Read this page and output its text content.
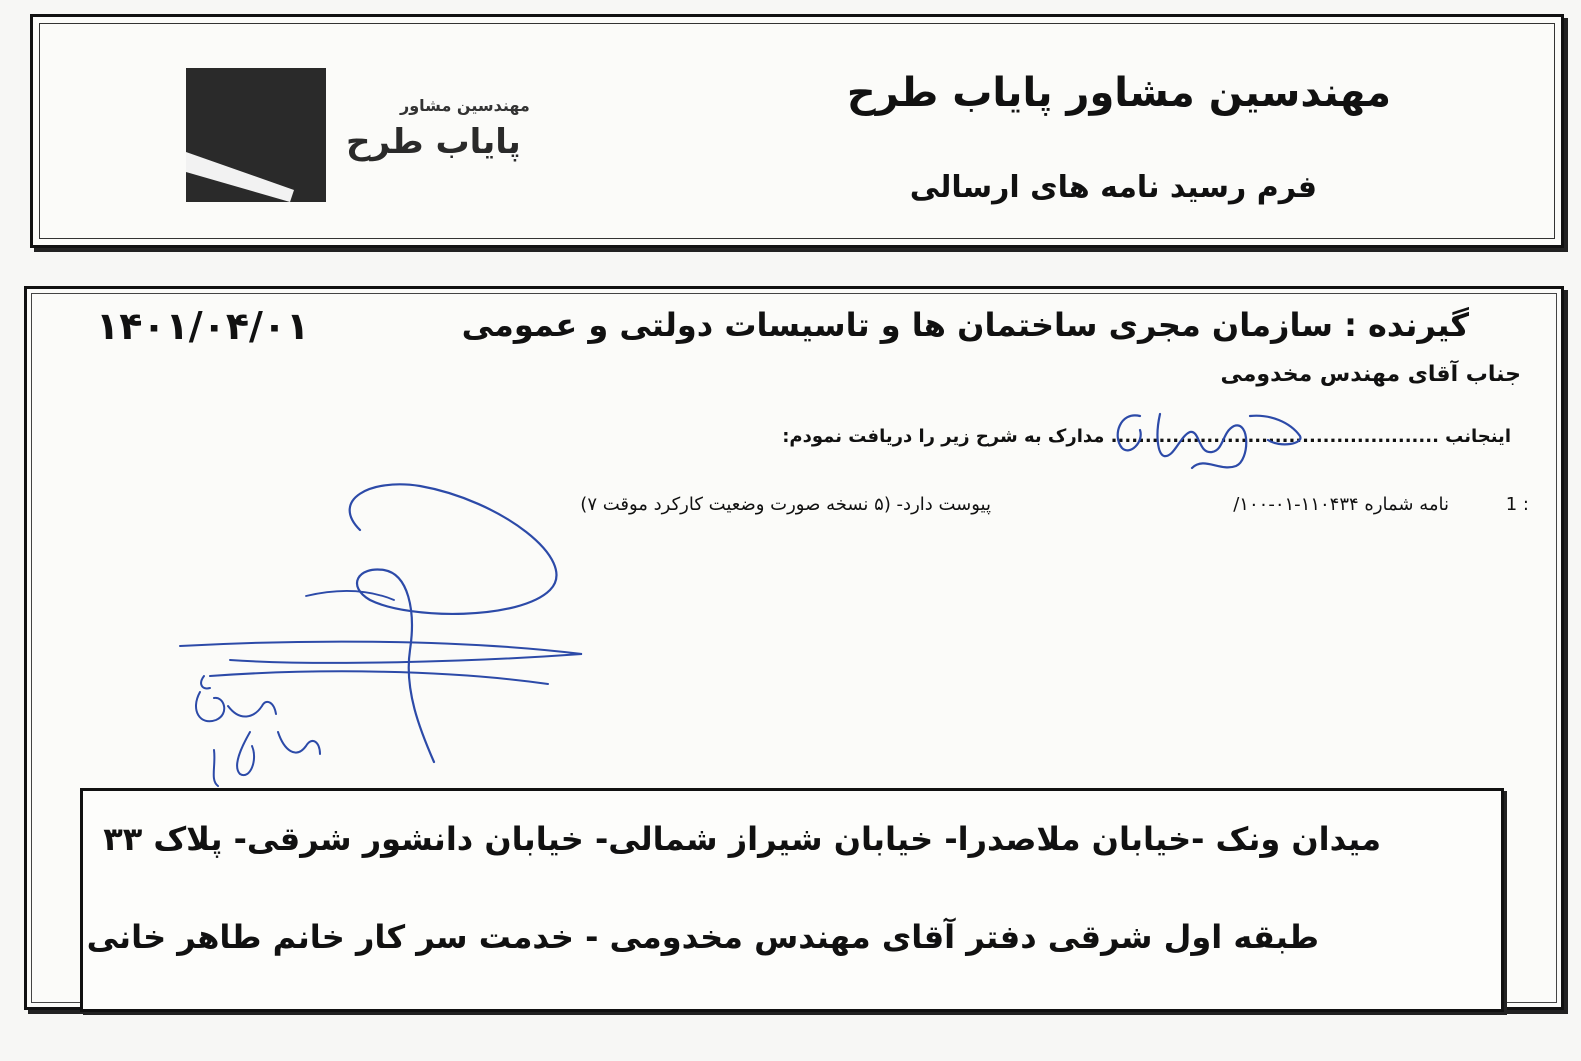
مهندسین مشاور پایاب طرح
فرم رسید نامه های ارسالی
مهندسین مشاور
پایاب طرح
۱۴۰۱/۰۴/۰۱	گیرنده : سازمان مجری ساختمان ها و تاسیسات دولتی و عمومی
جناب آقای مهندس مخدومی
اینجانب ................................................ مدارک به شرح زیر را دریافت نمودم:
1 :
نامه شماره ۱۱۰۴۳۴-۰۱-۱۰۰/
پیوست دارد- (۵ نسخه صورت وضعیت کارکرد موقت ۷)
میدان ونک -خیابان ملاصدرا- خیابان شیراز شمالی- خیابان دانشور شرقی- پلاک ۳۳
طبقه اول شرقی دفتر آقای مهندس مخدومی - خدمت سر کار خانم طاهر خانی
